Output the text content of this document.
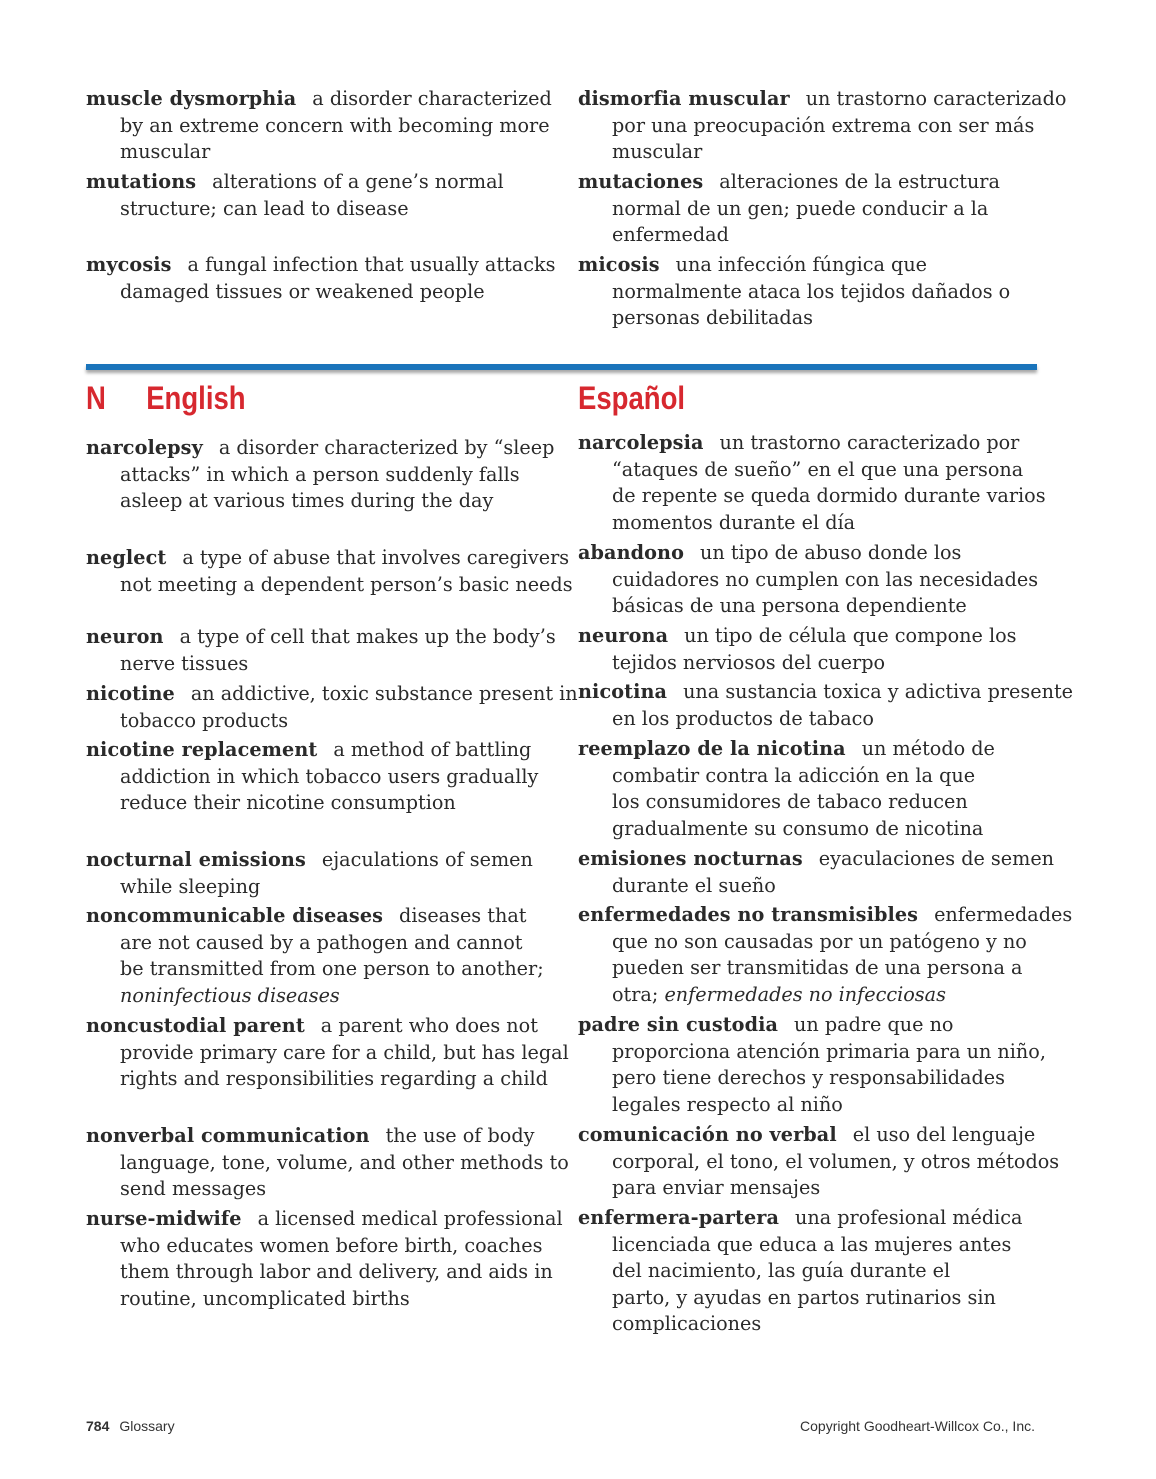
muscle dysmorphia a disorder characterized
by an extreme concern with becoming more
muscular
mutations alterations of a gene’s normal
structure; can lead to disease
mycosis a fungal infection that usually attacks
damaged tissues or weakened people
dismorfia muscular un trastorno caracterizado
por una preocupación extrema con ser más
muscular
mutaciones alteraciones de la estructura
normal de un gen; puede conducir a la
enfermedad
micosis una infección fúngica que
normalmente ataca los tejidos dañados o
personas debilitadas
N English	Español
narcolepsy a disorder characterized by “sleep
attacks” in which a person suddenly falls
asleep at various times during the day
neglect a type of abuse that involves caregivers
not meeting a dependent person’s basic needs
neuron a type of cell that makes up the body’s
nerve tissues
nicotine an addictive, toxic substance present in
tobacco products
nicotine replacement a method of battling
addiction in which tobacco users gradually
reduce their nicotine consumption
nocturnal emissions ejaculations of semen
while sleeping
noncommunicable diseases diseases that
are not caused by a pathogen and cannot
be transmitted from one person to another;
noninfectious diseases
noncustodial parent a parent who does not
provide primary care for a child, but has legal
rights and responsibilities regarding a child
nonverbal communication the use of body
language, tone, volume, and other methods to
send messages
nurse-midwife a licensed medical professional
who educates women before birth, coaches
them through labor and delivery, and aids in
routine, uncomplicated births
narcolepsia un trastorno caracterizado por
“ataques de sueño” en el que una persona
de repente se queda dormido durante varios
momentos durante el día
abandono un tipo de abuso donde los
cuidadores no cumplen con las necesidades
básicas de una persona dependiente
neurona un tipo de célula que compone los
tejidos nerviosos del cuerpo
nicotina una sustancia toxica y adictiva presente
en los productos de tabaco
reemplazo de la nicotina un método de
combatir contra la adicción en la que
los consumidores de tabaco reducen
gradualmente su consumo de nicotina
emisiones nocturnas eyaculaciones de semen
durante el sueño
enfermedades no transmisibles enfermedades
que no son causadas por un patógeno y no
pueden ser transmitidas de una persona a
otra; enfermedades no infecciosas
padre sin custodia un padre que no
proporciona atención primaria para un niño,
pero tiene derechos y responsabilidades
legales respecto al niño
comunicación no verbal el uso del lenguaje
corporal, el tono, el volumen, y otros métodos
para enviar mensajes
enfermera-partera una profesional médica
licenciada que educa a las mujeres antes
del nacimiento, las guía durante el
parto, y ayudas en partos rutinarios sin
complicaciones
784 Glossary	Copyright Goodheart-Willcox Co., Inc.
